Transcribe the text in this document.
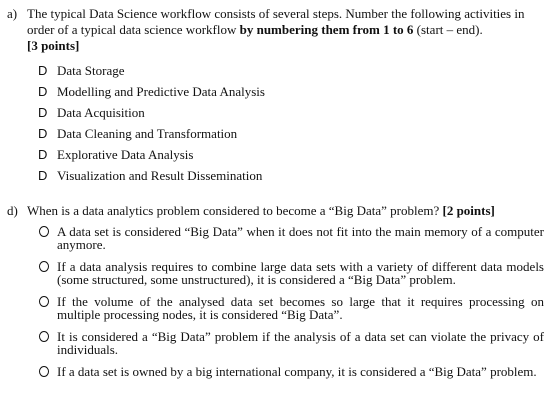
a) The typical Data Science workflow consists of several steps. Number the following activities in order of a typical data science workflow by numbering them from 1 to 6 (start – end).
[3 points]
D Data Storage
D Modelling and Predictive Data Analysis
D Data Acquisition
D Data Cleaning and Transformation
D Explorative Data Analysis
D Visualization and Result Dissemination
d) When is a data analytics problem considered to become a “Big Data” problem? [2 points]
A data set is considered “Big Data” when it does not fit into the main memory of a computer anymore.
If a data analysis requires to combine large data sets with a variety of different data models (some structured, some unstructured), it is considered a “Big Data” problem.
If the volume of the analysed data set becomes so large that it requires processing on multiple processing nodes, it is considered “Big Data”.
It is considered a “Big Data” problem if the analysis of a data set can violate the privacy of individuals.
If a data set is owned by a big international company, it is considered a “Big Data” problem.
